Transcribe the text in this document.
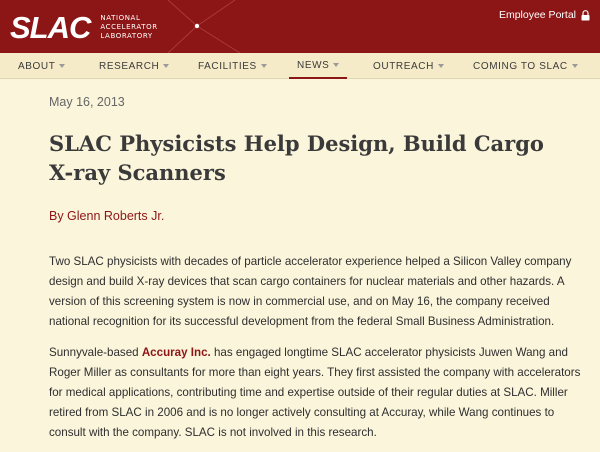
SLAC NATIONAL
ACCELERATOR
LABORATORY
Employee Portal
ABOUT	RESEARCH	FACILITIES	NEWS	OUTREACH	COMING TO SLAC
May 16, 2013
SLAC Physicists Help Design, Build Cargo X-ray Scanners
By Glenn Roberts Jr.

Two SLAC physicists with decades of particle accelerator experience helped a Silicon Valley company design and build X-ray devices that scan cargo containers for nuclear materials and other hazards. A version of this screening system is now in commercial use, and on May 16, the company received national recognition for its successful development from the federal Small Business Administration.

Sunnyvale-based Accuray Inc. has engaged longtime SLAC accelerator physicists Juwen Wang and Roger Miller as consultants for more than eight years. They first assisted the company with accelerators for medical applications, contributing time and expertise outside of their regular duties at SLAC. Miller retired from SLAC in 2006 and is no longer actively consulting at Accuray, while Wang continues to consult with the company. SLAC is not involved in this research.
